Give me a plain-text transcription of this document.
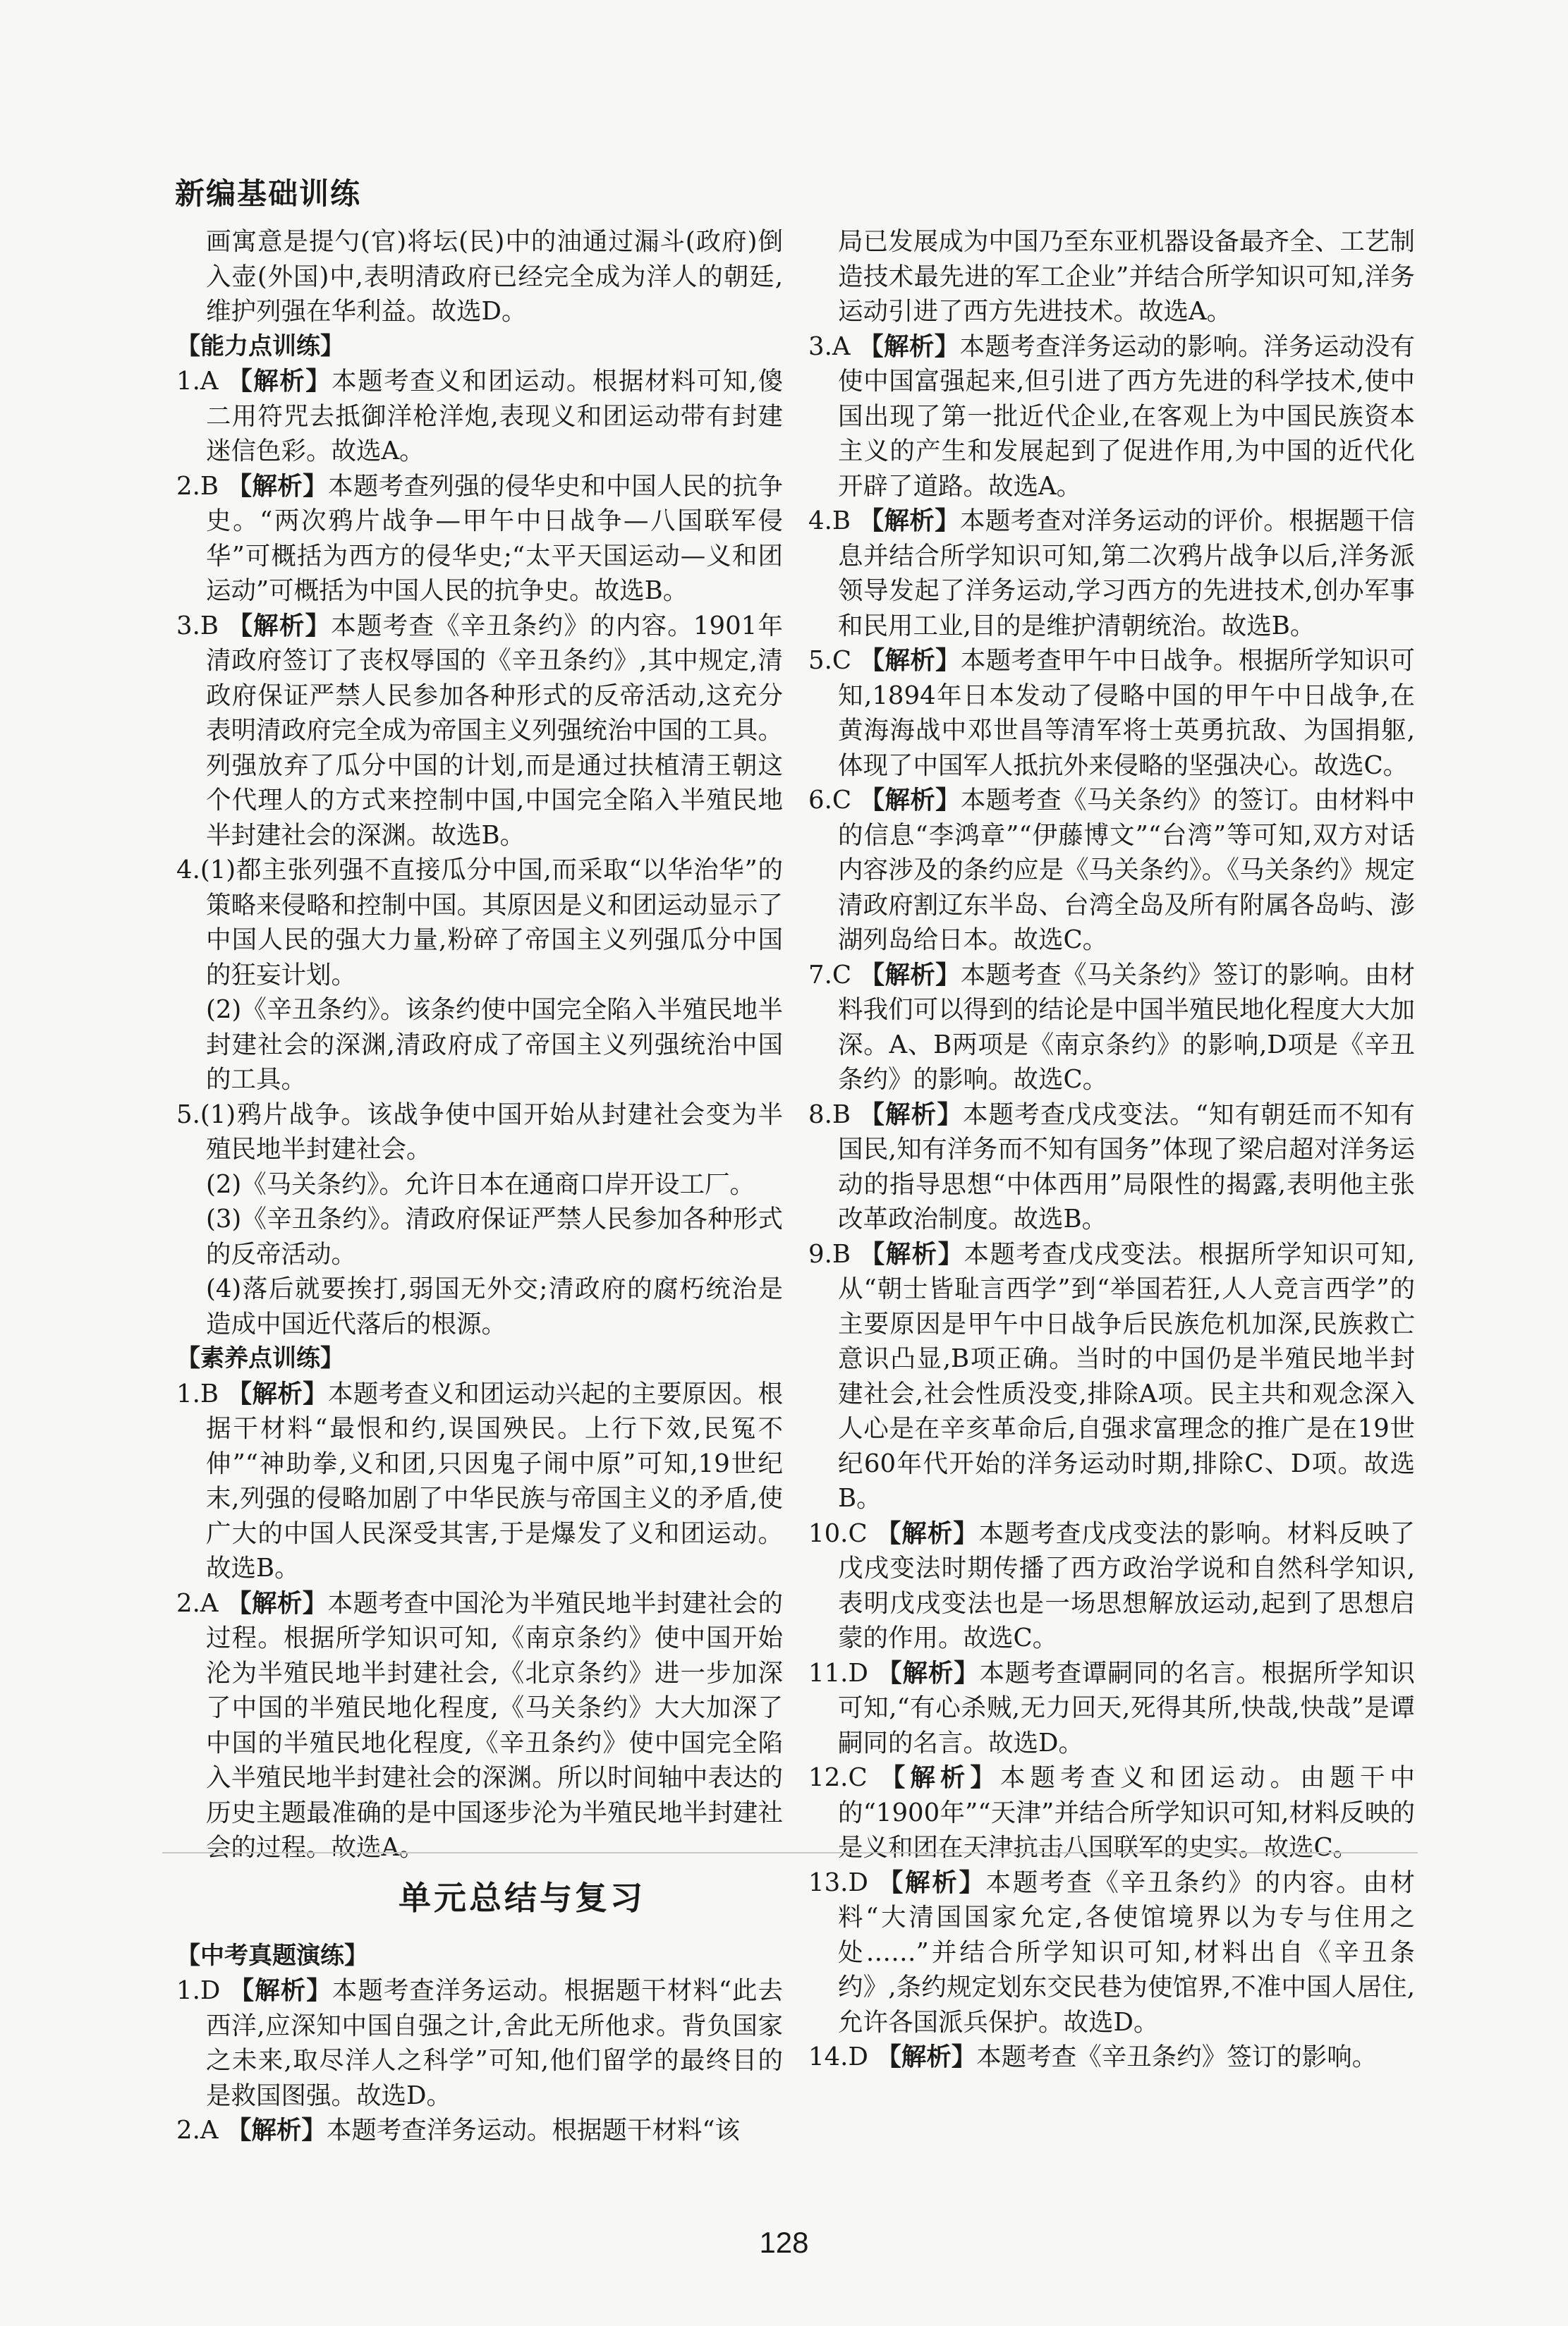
新编基础训练

画寓意是提勺(官)将坛(民)中的油通过漏斗(政府)倒入壶(外国)中,表明清政府已经完全成为洋人的朝廷,维护列强在华利益。故选D。

【能力点训练】

1.A 【解析】本题考查义和团运动。根据材料可知,傻二用符咒去抵御洋枪洋炮,表现义和团运动带有封建迷信色彩。故选A。

2.B 【解析】本题考查列强的侵华史和中国人民的抗争史。“两次鸦片战争—甲午中日战争—八国联军侵华”可概括为西方的侵华史;“太平天国运动—义和团运动”可概括为中国人民的抗争史。故选B。

3.B 【解析】本题考查《辛丑条约》的内容。1901年清政府签订了丧权辱国的《辛丑条约》,其中规定,清政府保证严禁人民参加各种形式的反帝活动,这充分表明清政府完全成为帝国主义列强统治中国的工具。列强放弃了瓜分中国的计划,而是通过扶植清王朝这个代理人的方式来控制中国,中国完全陷入半殖民地半封建社会的深渊。故选B。

4.(1)都主张列强不直接瓜分中国,而采取“以华治华”的策略来侵略和控制中国。其原因是义和团运动显示了中国人民的强大力量,粉碎了帝国主义列强瓜分中国的狂妄计划。

(2)《辛丑条约》。该条约使中国完全陷入半殖民地半封建社会的深渊,清政府成了帝国主义列强统治中国的工具。

5.(1)鸦片战争。该战争使中国开始从封建社会变为半殖民地半封建社会。

(2)《马关条约》。允许日本在通商口岸开设工厂。

(3)《辛丑条约》。清政府保证严禁人民参加各种形式的反帝活动。

(4)落后就要挨打,弱国无外交;清政府的腐朽统治是造成中国近代落后的根源。

【素养点训练】

1.B 【解析】本题考查义和团运动兴起的主要原因。根据干材料“最恨和约,误国殃民。上行下效,民冤不伸”“神助拳,义和团,只因鬼子闹中原”可知,19世纪末,列强的侵略加剧了中华民族与帝国主义的矛盾,使广大的中国人民深受其害,于是爆发了义和团运动。故选B。

2.A 【解析】本题考查中国沦为半殖民地半封建社会的过程。根据所学知识可知,《南京条约》使中国开始沦为半殖民地半封建社会,《北京条约》进一步加深了中国的半殖民地化程度,《马关条约》大大加深了中国的半殖民地化程度,《辛丑条约》使中国完全陷入半殖民地半封建社会的深渊。所以时间轴中表达的历史主题最准确的是中国逐步沦为半殖民地半封建社会的过程。故选A。

单元总结与复习

【中考真题演练】

1.D 【解析】本题考查洋务运动。根据题干材料“此去西洋,应深知中国自强之计,舍此无所他求。背负国家之未来,取尽洋人之科学”可知,他们留学的最终目的是救国图强。故选D。

2.A 【解析】本题考查洋务运动。根据题干材料“该

局已发展成为中国乃至东亚机器设备最齐全、工艺制造技术最先进的军工企业”并结合所学知识可知,洋务运动引进了西方先进技术。故选A。

3.A 【解析】本题考查洋务运动的影响。洋务运动没有使中国富强起来,但引进了西方先进的科学技术,使中国出现了第一批近代企业,在客观上为中国民族资本主义的产生和发展起到了促进作用,为中国的近代化开辟了道路。故选A。

4.B 【解析】本题考查对洋务运动的评价。根据题干信息并结合所学知识可知,第二次鸦片战争以后,洋务派领导发起了洋务运动,学习西方的先进技术,创办军事和民用工业,目的是维护清朝统治。故选B。

5.C 【解析】本题考查甲午中日战争。根据所学知识可知,1894年日本发动了侵略中国的甲午中日战争,在黄海海战中邓世昌等清军将士英勇抗敌、为国捐躯,体现了中国军人抵抗外来侵略的坚强决心。故选C。

6.C 【解析】本题考查《马关条约》的签订。由材料中的信息“李鸿章”“伊藤博文”“台湾”等可知,双方对话内容涉及的条约应是《马关条约》。《马关条约》规定清政府割辽东半岛、台湾全岛及所有附属各岛屿、澎湖列岛给日本。故选C。

7.C 【解析】本题考查《马关条约》签订的影响。由材料我们可以得到的结论是中国半殖民地化程度大大加深。A、B两项是《南京条约》的影响,D项是《辛丑条约》的影响。故选C。

8.B 【解析】本题考查戊戌变法。“知有朝廷而不知有国民,知有洋务而不知有国务”体现了梁启超对洋务运动的指导思想“中体西用”局限性的揭露,表明他主张改革政治制度。故选B。

9.B 【解析】本题考查戊戌变法。根据所学知识可知,从“朝士皆耻言西学”到“举国若狂,人人竞言西学”的主要原因是甲午中日战争后民族危机加深,民族救亡意识凸显,B项正确。当时的中国仍是半殖民地半封建社会,社会性质没变,排除A项。民主共和观念深入人心是在辛亥革命后,自强求富理念的推广是在19世纪60年代开始的洋务运动时期,排除C、D项。故选B。

10.C 【解析】本题考查戊戌变法的影响。材料反映了戊戌变法时期传播了西方政治学说和自然科学知识,表明戊戌变法也是一场思想解放运动,起到了思想启蒙的作用。故选C。

11.D 【解析】本题考查谭嗣同的名言。根据所学知识可知,“有心杀贼,无力回天,死得其所,快哉,快哉”是谭嗣同的名言。故选D。

12.C 【解析】本题考查义和团运动。由题干中的“1900年”“天津”并结合所学知识可知,材料反映的是义和团在天津抗击八国联军的史实。故选C。

13.D 【解析】本题考查《辛丑条约》的内容。由材料“大清国国家允定,各使馆境界以为专与住用之处……”并结合所学知识可知,材料出自《辛丑条约》,条约规定划东交民巷为使馆界,不准中国人居住,允许各国派兵保护。故选D。

14.D 【解析】本题考查《辛丑条约》签订的影响。

128
